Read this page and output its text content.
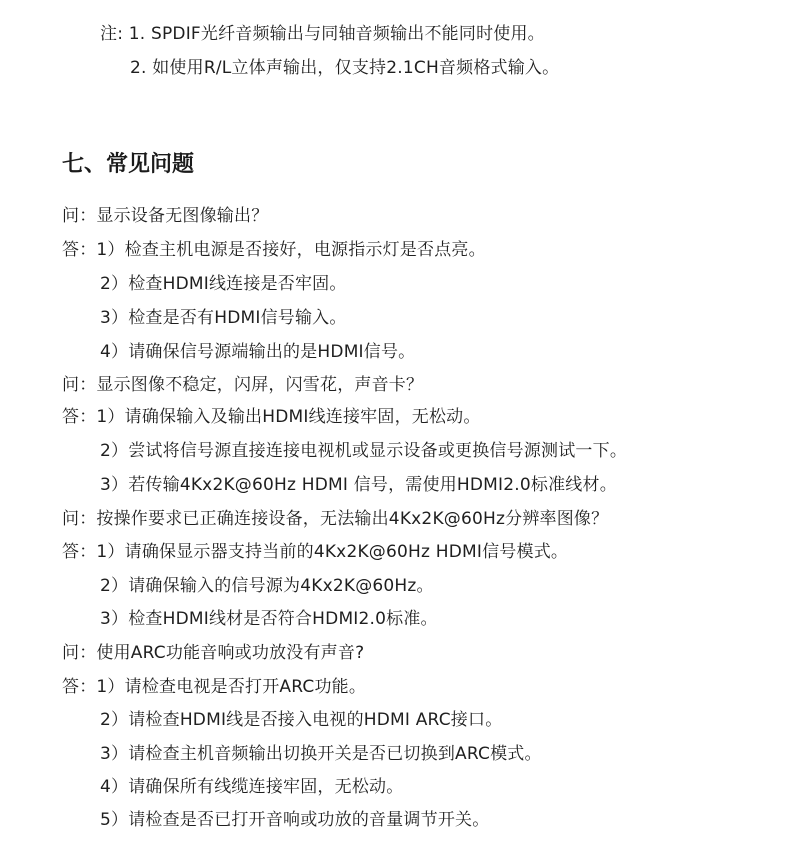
注: 1. SPDIF光纤音频输出与同轴音频输出不能同时使用。
2. 如使用R/L立体声输出，仅支持2.1CH音频格式输入。
七、常见问题
问：显示设备无图像输出？
答：1）检查主机电源是否接好，电源指示灯是否点亮。
2）检查HDMI线连接是否牢固。
3）检查是否有HDMI信号输入。
4）请确保信号源端输出的是HDMI信号。
问：显示图像不稳定，闪屏，闪雪花，声音卡？
答：1）请确保输入及输出HDMI线连接牢固，无松动。
2）尝试将信号源直接连接电视机或显示设备或更换信号源测试一下。
3）若传输4Kx2K@60Hz HDMI 信号，需使用HDMI2.0标准线材。
问：按操作要求已正确连接设备，无法输出4Kx2K@60Hz分辨率图像？
答：1）请确保显示器支持当前的4Kx2K@60Hz HDMI信号模式。
2）请确保输入的信号源为4Kx2K@60Hz。
3）检查HDMI线材是否符合HDMI2.0标准。
问：使用ARC功能音响或功放没有声音?
答：1）请检查电视是否打开ARC功能。
2）请检查HDMI线是否接入电视的HDMI ARC接口。
3）请检查主机音频输出切换开关是否已切换到ARC模式。
4）请确保所有线缆连接牢固，无松动。
5）请检查是否已打开音响或功放的音量调节开关。
